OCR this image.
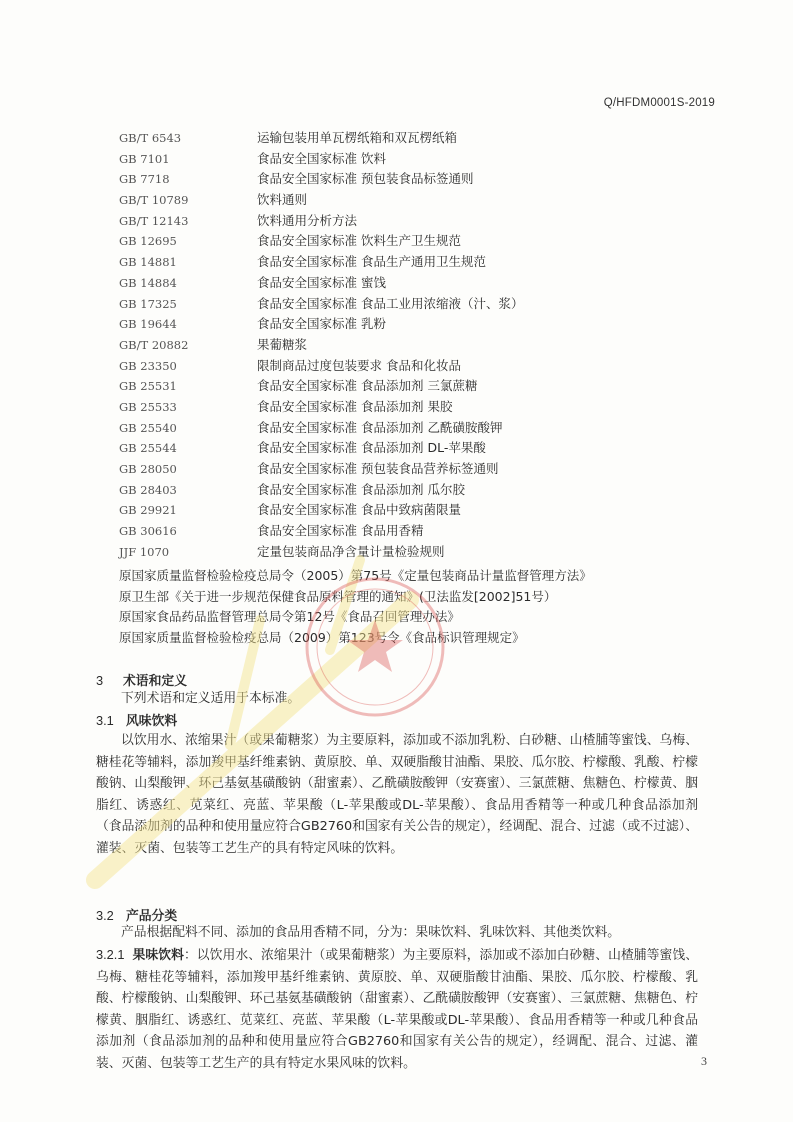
Q/HFDM0001S-2019
GB/T 6543	运输包装用单瓦楞纸箱和双瓦楞纸箱
GB 7101	食品安全国家标准 饮料
GB 7718	食品安全国家标准 预包装食品标签通则
GB/T 10789	饮料通则
GB/T 12143	饮料通用分析方法
GB 12695	食品安全国家标准 饮料生产卫生规范
GB 14881	食品安全国家标准 食品生产通用卫生规范
GB 14884	食品安全国家标准 蜜饯
GB 17325	食品安全国家标准 食品工业用浓缩液（汁、浆）
GB 19644	食品安全国家标准 乳粉
GB/T 20882	果葡糖浆
GB 23350	限制商品过度包装要求 食品和化妆品
GB 25531	食品安全国家标准 食品添加剂 三氯蔗糖
GB 25533	食品安全国家标准 食品添加剂 果胶
GB 25540	食品安全国家标准 食品添加剂 乙酰磺胺酸钾
GB 25544	食品安全国家标准 食品添加剂 DL-苹果酸
GB 28050	食品安全国家标准 预包装食品营养标签通则
GB 28403	食品安全国家标准 食品添加剂 瓜尔胶
GB 29921	食品安全国家标准 食品中致病菌限量
GB 30616	食品安全国家标准 食品用香精
JJF 1070	定量包装商品净含量计量检验规则
原国家质量监督检验检疫总局令（2005）第75号《定量包装商品计量监督管理方法》
原卫生部《关于进一步规范保健食品原料管理的通知》(卫法监发[2002]51号）
原国家食品药品监督管理总局令第12号《食品召回管理办法》
原国家质量监督检验检疫总局（2009）第123号令《食品标识管理规定》
3 术语和定义
下列术语和定义适用于本标准。
3.1 风味饮料
以饮用水、浓缩果汁（或果葡糖浆）为主要原料，添加或不添加乳粉、白砂糖、山楂脯等蜜饯、乌梅、糖桂花等辅料，添加羧甲基纤维素钠、黄原胶、单、双硬脂酸甘油酯、果胶、瓜尔胶、柠檬酸、乳酸、柠檬酸钠、山梨酸钾、环己基氨基磺酸钠（甜蜜素）、乙酰磺胺酸钾（安赛蜜）、三氯蔗糖、焦糖色、柠檬黄、胭脂红、诱惑红、苋菜红、亮蓝、苹果酸（L-苹果酸或DL-苹果酸）、食品用香精等一种或几种食品添加剂（食品添加剂的品种和使用量应符合GB2760和国家有关公告的规定），经调配、混合、过滤（或不过滤）、灌装、灭菌、包装等工艺生产的具有特定风味的饮料。
3.2 产品分类
产品根据配料不同、添加的食品用香精不同，分为：果味饮料、乳味饮料、其他类饮料。
3.2.1 果味饮料：以饮用水、浓缩果汁（或果葡糖浆）为主要原料，添加或不添加白砂糖、山楂脯等蜜饯、乌梅、糖桂花等辅料，添加羧甲基纤维素钠、黄原胶、单、双硬脂酸甘油酯、果胶、瓜尔胶、柠檬酸、乳酸、柠檬酸钠、山梨酸钾、环己基氨基磺酸钠（甜蜜素）、乙酰磺胺酸钾（安赛蜜）、三氯蔗糖、焦糖色、柠檬黄、胭脂红、诱惑红、苋菜红、亮蓝、苹果酸（L-苹果酸或DL-苹果酸）、食品用香精等一种或几种食品添加剂（食品添加剂的品种和使用量应符合GB2760和国家有关公告的规定），经调配、混合、过滤、灌装、灭菌、包装等工艺生产的具有特定水果风味的饮料。	3
